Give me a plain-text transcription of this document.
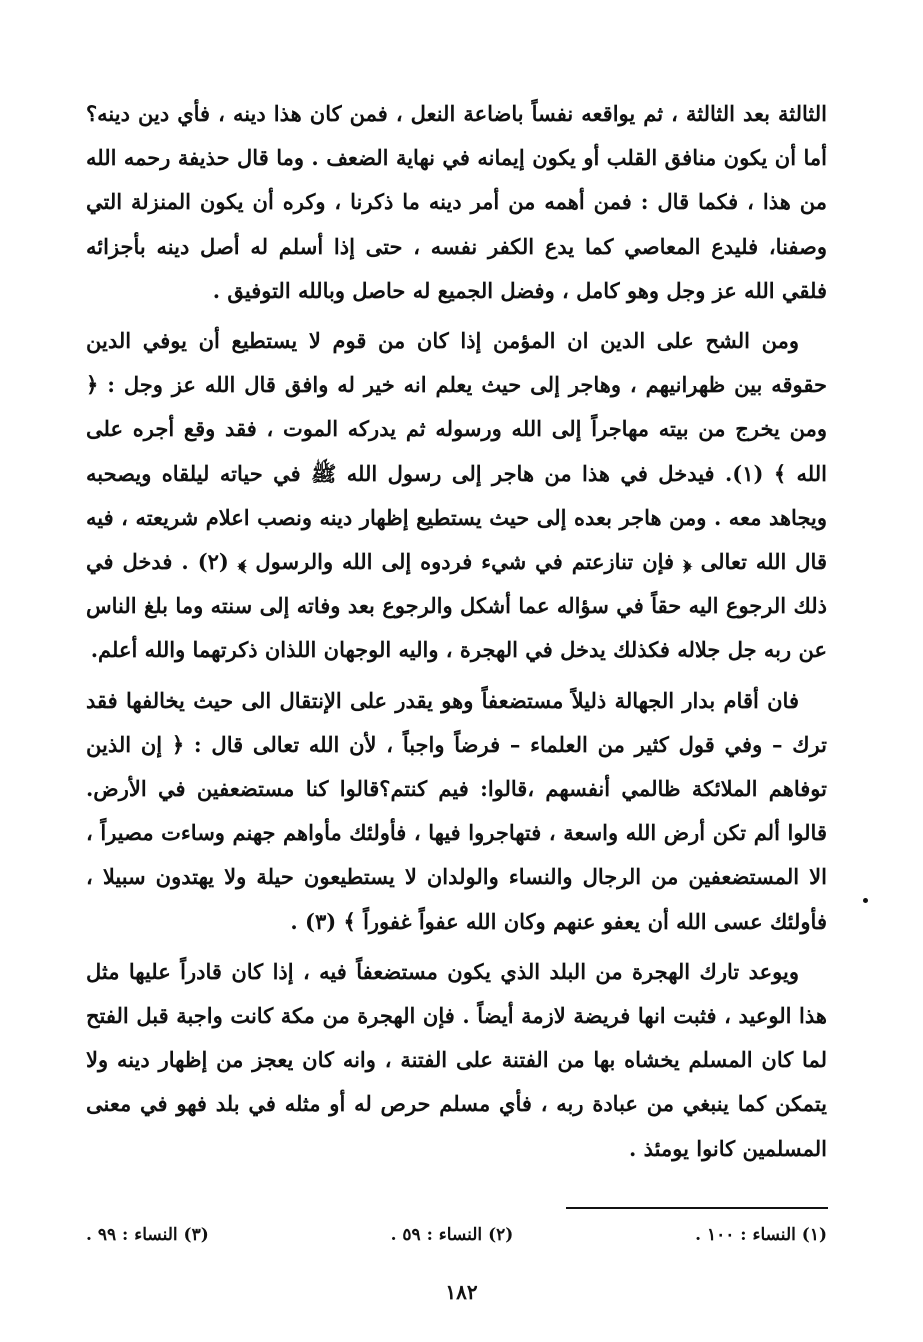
الثالثة بعد الثالثة ، ثم يواقعه نفساً باضاعة النعل ، فمن كان هذا دينه ، فأي دين دينه؟ أما أن يكون منافق القلب أو يكون إيمانه في نهاية الضعف . وما قال حذيفة رحمه الله من هذا ، فكما قال : فمن أهمه من أمر دينه ما ذكرنا ، وكره أن يكون المنزلة التي وصفنا، فليدع المعاصي كما يدع الكفر نفسه ، حتى إذا أسلم له أصل دينه بأجزائه فلقي الله عز وجل وهو كامل ، وفضل الجميع له حاصل وبالله التوفيق .

ومن الشح على الدين ان المؤمن إذا كان من قوم لا يستطيع أن يوفي الدين حقوقه بين ظهرانيهم ، وهاجر إلى حيث يعلم انه خير له وافق قال الله عز وجل : ﴿ ومن يخرج من بيته مهاجراً إلى الله ورسوله ثم يدركه الموت ، فقد وقع أجره على الله ﴾ (١). فيدخل في هذا من هاجر إلى رسول الله ﷺ في حياته ليلقاه ويصحبه ويجاهد معه . ومن هاجر بعده إلى حيث يستطيع إظهار دينه ونصب اعلام شريعته ، فيه قال الله تعالى ﴿ فإن تنازعتم في شيء فردوه إلى الله والرسول ﴾ (٢) . فدخل في ذلك الرجوع اليه حقاً في سؤاله عما أشكل والرجوع بعد وفاته إلى سنته وما بلغ الناس عن ربه جل جلاله فكذلك يدخل في الهجرة ، واليه الوجهان اللذان ذكرتهما والله أعلم.

فان أقام بدار الجهالة ذليلاً مستضعفاً وهو يقدر على الإنتقال الى حيث يخالفها فقد ترك – وفي قول كثير من العلماء – فرضاً واجباً ، لأن الله تعالى قال : ﴿ إن الذين توفاهم الملائكة ظالمي أنفسهم ،قالوا: فيم كنتم؟قالوا كنا مستضعفين في الأرض. قالوا ألم تكن أرض الله واسعة ، فتهاجروا فيها ، فأولئك مأواهم جهنم وساءت مصيراً ، الا المستضعفين من الرجال والنساء والولدان لا يستطيعون حيلة ولا يهتدون سبيلا ، فأولئك عسى الله أن يعفو عنهم وكان الله عفواً غفوراً ﴾ (٣) .

ويوعد تارك الهجرة من البلد الذي يكون مستضعفاً فيه ، إذا كان قادراً عليها مثل هذا الوعيد ، فثبت انها فريضة لازمة أيضاً . فإن الهجرة من مكة كانت واجبة قبل الفتح لما كان المسلم يخشاه بها من الفتنة على الفتنة ، وانه كان يعجز من إظهار دينه ولا يتمكن كما ينبغي من عبادة ربه ، فأي مسلم حرص له أو مثله في بلد فهو في معنى المسلمين كانوا يومئذ .

(١) النساء : ١٠٠ .
(٢) النساء : ٥٩ .
(٣) النساء : ٩٩ .
١٨٢
